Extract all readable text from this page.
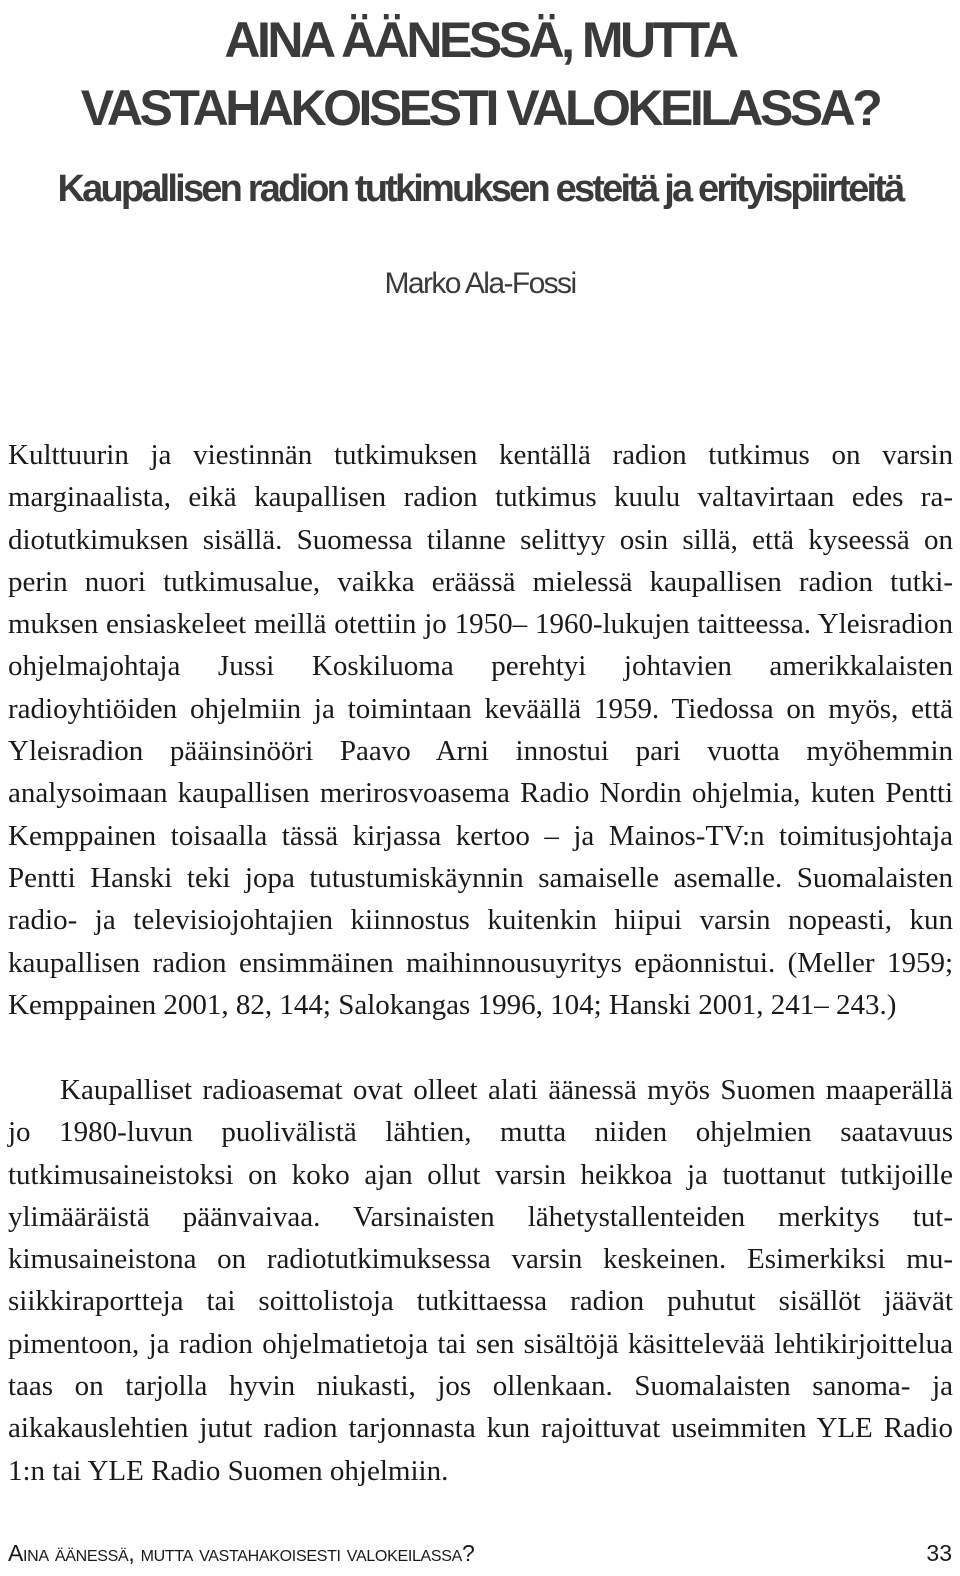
AINA ÄÄNESSÄ, MUTTA
VASTAHAKOISESTI VALOKEILASSA?
Kaupallisen radion tutkimuksen esteitä ja erityispiirteitä
Marko Ala-Fossi

Kulttuurin ja viestinnän tutkimuksen kentällä radion tutkimus on varsin marginaalista, eikä kaupallisen radion tutkimus kuulu valtavirtaan edes radiotutkimuksen sisällä. Suomessa tilanne selittyy osin sillä, että kyseessä on perin nuori tutkimusalue, vaikka eräässä mielessä kaupallisen radion tutkimuksen ensiaskeleet meillä otettiin jo 1950– 1960-lukujen taitteessa. Yleisradion ohjelmajohtaja Jussi Koskiluoma perehtyi johtavien amerikkalaisten radioyhtiöiden ohjelmiin ja toimintaan keväällä 1959. Tiedossa on myös, että Yleisradion pääinsinööri Paavo Arni innostui pari vuotta myöhemmin analysoimaan kaupallisen merirosvoasema Radio Nordin ohjelmia, kuten Pentti Kemppainen toisaalla tässä kirjassa kertoo – ja Mainos-TV:n toimitusjohtaja Pentti Hanski teki jopa tutustumiskäynnin samaiselle asemalle. Suomalaisten radio- ja televisiojohtajien kiinnostus kuitenkin hiipui varsin nopeasti, kun kaupallisen radion ensimmäinen maihinnousuyritys epäonnistui. (Meller 1959; Kemppainen 2001, 82, 144; Salokangas 1996, 104; Hanski 2001, 241– 243.)

Kaupalliset radioasemat ovat olleet alati äänessä myös Suomen maaperällä jo 1980-luvun puolivälistä lähtien, mutta niiden ohjelmien saatavuus tutkimusaineistoksi on koko ajan ollut varsin heikkoa ja tuottanut tutkijoille ylimääräistä päänvaivaa. Varsinaisten lähetystallenteiden merkitys tutkimusaineistona on radiotutkimuksessa varsin keskeinen. Esimerkiksi musiikkiraportteja tai soittolistoja tutkittaessa radion puhutut sisällöt jäävät pimentoon, ja radion ohjelmatietoja tai sen sisältöjä käsittelevää lehtikirjoittelua taas on tarjolla hyvin niukasti, jos ollenkaan. Suomalaisten sanoma- ja aikakauslehtien jutut radion tarjonnasta kun rajoittuvat useimmiten YLE Radio 1:n tai YLE Radio Suomen ohjelmiin.

Aina äänessä, mutta vastahakoisesti valokeilassa?	33
